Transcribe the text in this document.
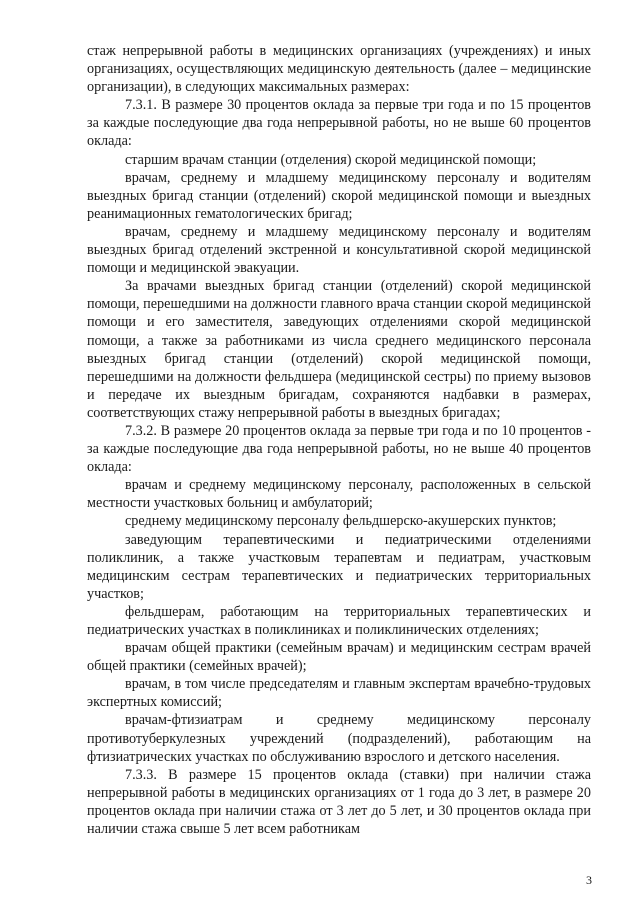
стаж непрерывной работы в медицинских организациях (учреждениях) и иных организациях, осуществляющих медицинскую деятельность (далее – медицинские организации), в следующих максимальных размерах:

7.3.1. В размере 30 процентов оклада за первые три года и по 15 процентов за каждые последующие два года непрерывной работы, но не выше 60 процентов оклада:

старшим врачам станции (отделения) скорой медицинской помощи;

врачам, среднему и младшему медицинскому персоналу и водителям выездных бригад станции (отделений) скорой медицинской помощи и выездных реанимационных гематологических бригад;

врачам, среднему и младшему медицинскому персоналу и водителям выездных бригад отделений экстренной и консультативной скорой медицинской помощи и медицинской эвакуации.

За врачами выездных бригад станции (отделений) скорой медицинской помощи, перешедшими на должности главного врача станции скорой медицинской помощи и его заместителя, заведующих отделениями скорой медицинской помощи, а также за работниками из числа среднего медицинского персонала выездных бригад станции (отделений) скорой медицинской помощи, перешедшими на должности фельдшера (медицинской сестры) по приему вызовов и передаче их выездным бригадам, сохраняются надбавки в размерах, соответствующих стажу непрерывной работы в выездных бригадах;

7.3.2. В размере 20 процентов оклада за первые три года и по 10 процентов - за каждые последующие два года непрерывной работы, но не выше 40 процентов оклада:

врачам и среднему медицинскому персоналу, расположенных в сельской местности участковых больниц и амбулаторий;

среднему медицинскому персоналу фельдшерско-акушерских пунктов;

заведующим терапевтическими и педиатрическими отделениями поликлиник, а также участковым терапевтам и педиатрам, участковым медицинским сестрам терапевтических и педиатрических территориальных участков;

фельдшерам, работающим на территориальных терапевтических и педиатрических участках в поликлиниках и поликлинических отделениях;

врачам общей практики (семейным врачам) и медицинским сестрам врачей общей практики (семейных врачей);

врачам, в том числе председателям и главным экспертам врачебно-трудовых экспертных комиссий;

врачам-фтизиатрам и среднему медицинскому персоналу противотуберкулезных учреждений (подразделений), работающим на фтизиатрических участках по обслуживанию взрослого и детского населения.

7.3.3. В размере 15 процентов оклада (ставки) при наличии стажа непрерывной работы в медицинских организациях от 1 года до 3 лет, в размере 20 процентов оклада при наличии стажа от 3 лет до 5 лет, и 30 процентов оклада при наличии стажа свыше 5 лет всем работникам

3
